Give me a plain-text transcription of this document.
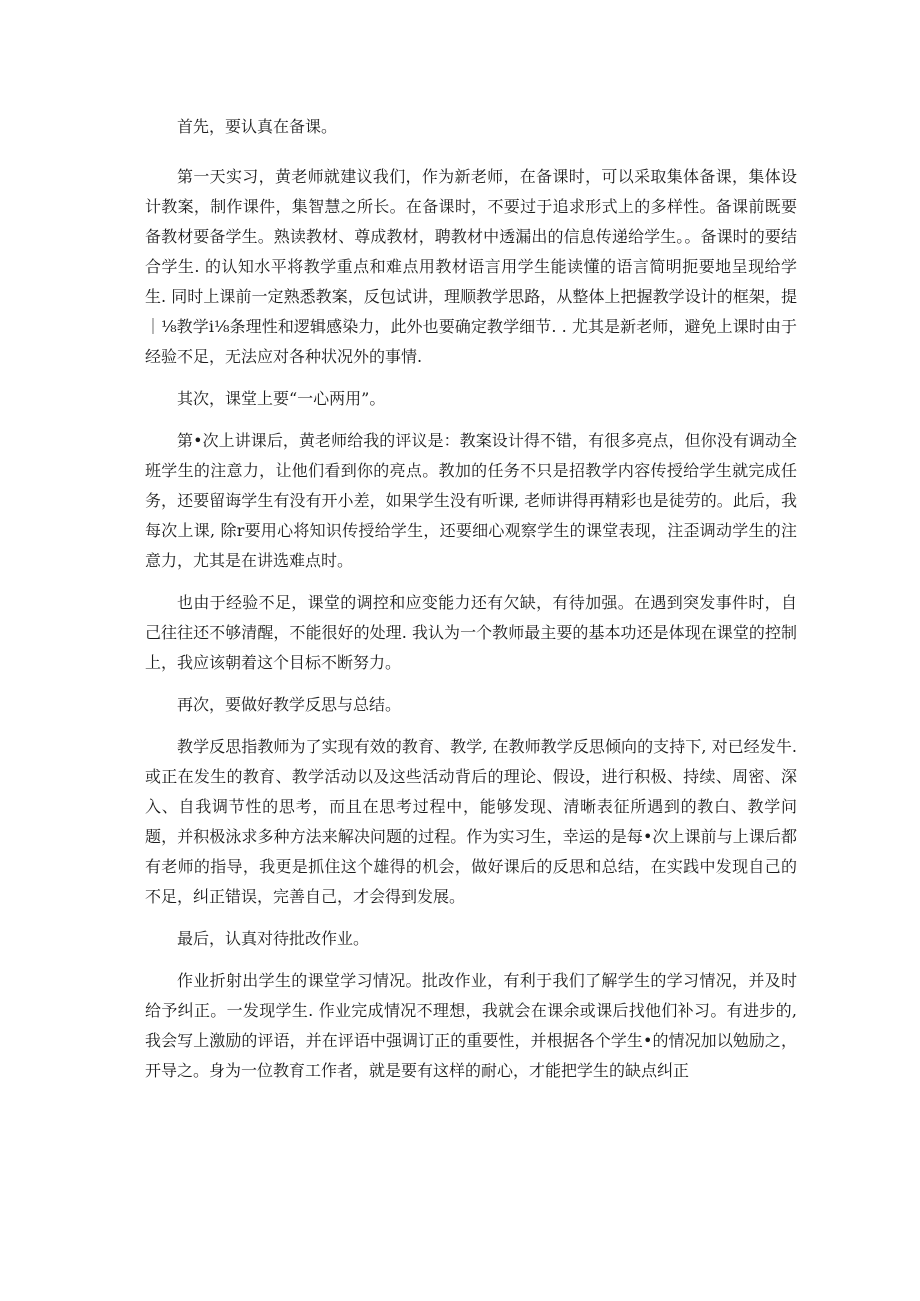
首先，要认真在备课。

第一天实习，黄老师就建议我们，作为新老师，在备课时，可以采取集体备课，集体设计教案，制作课件，集智慧之所长。在备课时，不要过于追求形式上的多样性。备课前既要备教材要备学生。熟读教材、尊成教材，聘教材中透漏出的信息传递给学生。。备课时的要结合学生. 的认知水平将教学重点和难点用教材语言用学生能读懂的语言简明扼要地呈现给学生. 同时上课前一定熟悉教案，反包试讲，理顺教学思路，从整体上把握教学设计的框架，提｜⅛教学i⅛条理性和逻辑感染力，此外也要确定教学细节. . 尤其是新老师，避免上课时由于经验不足，无法应对各种状况外的事情.

其次，课堂上要“一心两用”。

第•次上讲课后，黄老师给我的评议是：教案设计得不错，有很多亮点，但你没有调动全班学生的注意力，让他们看到你的亮点。教加的任务不只是招教学内容传授给学生就完成任务，还要留诲学生有没有开小差，如果学生没有听课, 老师讲得再精彩也是徒劳的。此后，我每次上课, 除r要用心将知识传授给学生，还要细心观察学生的课堂表现，注歪调动学生的注意力，尤其是在讲选难点时。

也由于经验不足，课堂的调控和应变能力还有欠缺，有待加强。在遇到突发事件时，自己往往还不够清醒，不能很好的处理. 我认为一个教师最主要的基本功还是体现在课堂的控制上，我应该朝着这个目标不断努力。

再次，要做好教学反思与总结。

教学反思指教师为了实现有效的教育、教学, 在教师教学反思倾向的支持下, 对已经发牛. 或正在发生的教育、教学活动以及这些活动背后的理论、假设，进行积极、持续、周密、深入、自我调节性的思考，而且在思考过程中，能够发现、清晰表征所遇到的教白、教学问题，并积极泳求多种方法来解决问题的过程。作为实习生，幸运的是每•次上课前与上课后都有老师的指导，我更是抓住这个雄得的机会，做好课后的反思和总结，在实践中发现自己的不足，纠正错误，完善自己，才会得到发展。

最后，认真对待批改作业。

作业折射出学生的课堂学习情况。批改作业，有利于我们了解学生的学习情况，并及时给予纠正。一发现学生. 作业完成情况不理想，我就会在课余或课后找他们补习。有进步的, 我会写上激励的评语，并在评语中强调订正的重要性，并根据各个学生•的情况加以勉励之，开导之。身为一位教育工作者，就是要有这样的耐心，才能把学生的缺点纠正
